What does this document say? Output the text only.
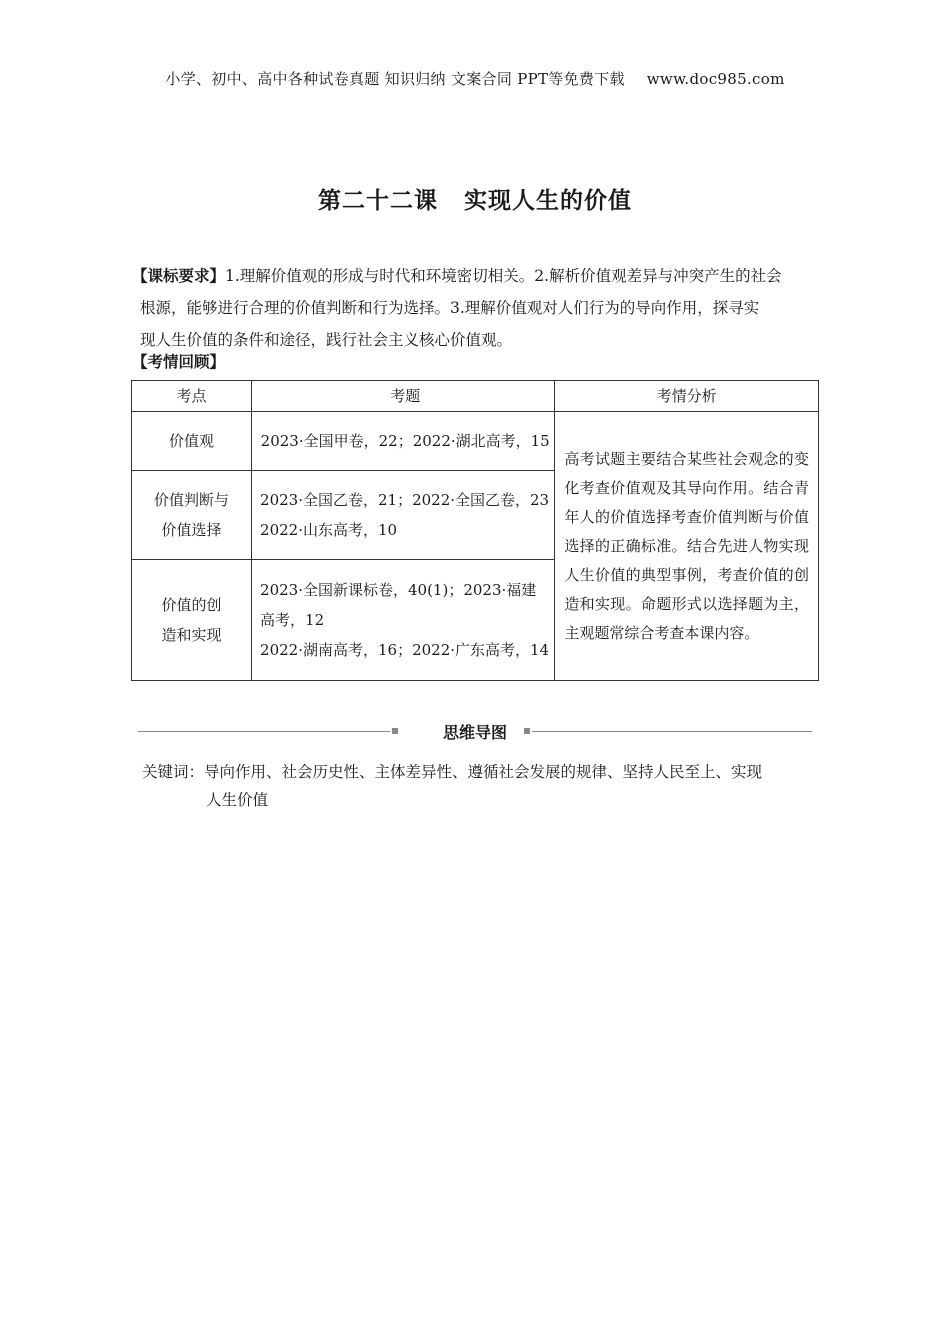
小学、初中、高中各种试卷真题 知识归纳 文案合同 PPT等免费下载 www.doc985.com
第二十二课 实现人生的价值
【课标要求】1.理解价值观的形成与时代和环境密切相关。2.解析价值观差异与冲突产生的社会
根源，能够进行合理的价值判断和行为选择。3.理解价值观对人们行为的导向作用，探寻实
现人生价值的条件和途径，践行社会主义核心价值观。
【考情回顾】
考点	考题	考情分析
价值观	2023·全国甲卷，22；2022·湖北高考，15	高考试题主要结合某些社会观念的变化考查价值观及其导向作用。结合青年人的价值选择考查价值判断与价值选择的正确标准。结合先进人物实现人生价值的典型事例，考查价值的创造和实现。命题形式以选择题为主，主观题常综合考查本课内容。

价值判断与价值选择	2023·全国乙卷，21；2022·全国乙卷，23
2022·山东高考，10	

价值的创造和实现	2023·全国新课标卷，40(1)；2023·福建高考，12
2022·湖南高考，16；2022·广东高考，14	
思维导图
关键词：导向作用、社会历史性、主体差异性、遵循社会发展的规律、坚持人民至上、实现
人生价值
